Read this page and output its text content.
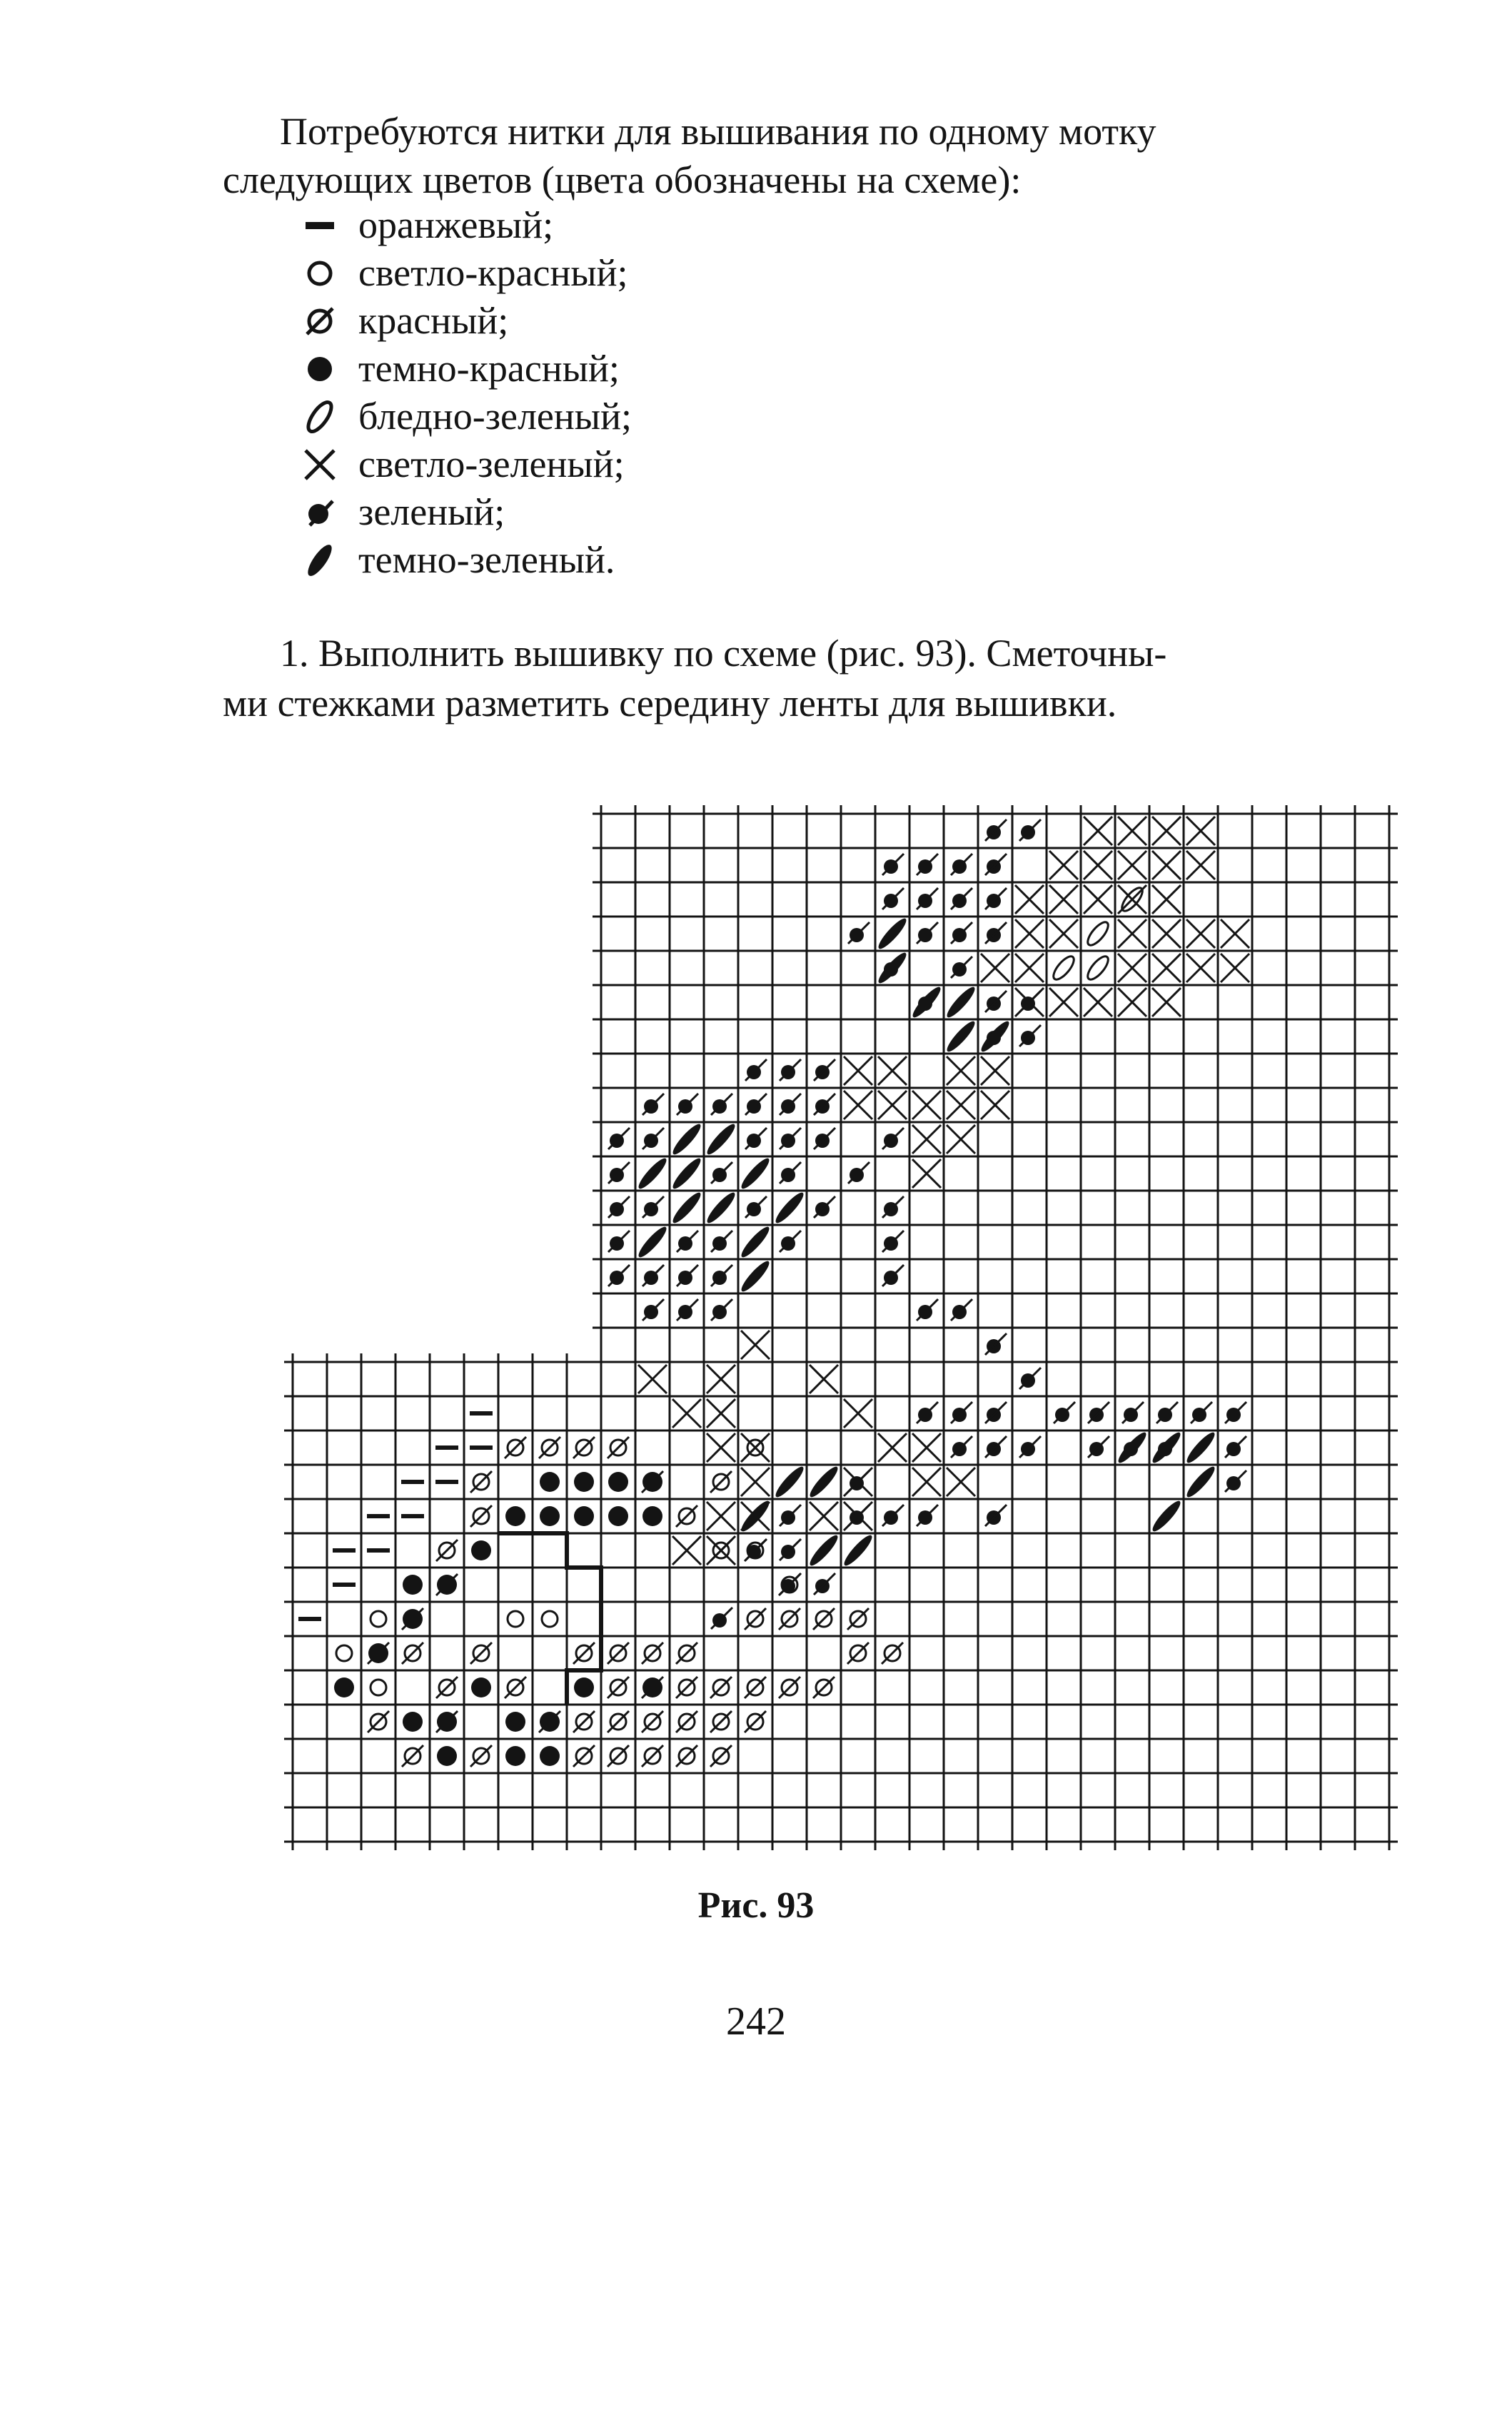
Потребуются нитки для вышивания по одному мотку
следующих цветов (цвета обозначены на схеме):

оранжевый;
светло-красный;
красный;
темно-красный;
бледно-зеленый;
светло-зеленый;
зеленый;
темно-зеленый.

1. Выполнить вышивку по схеме (рис. 93). Сметочны-
ми стежками разметить середину ленты для вышивки.

Рис. 93
242
